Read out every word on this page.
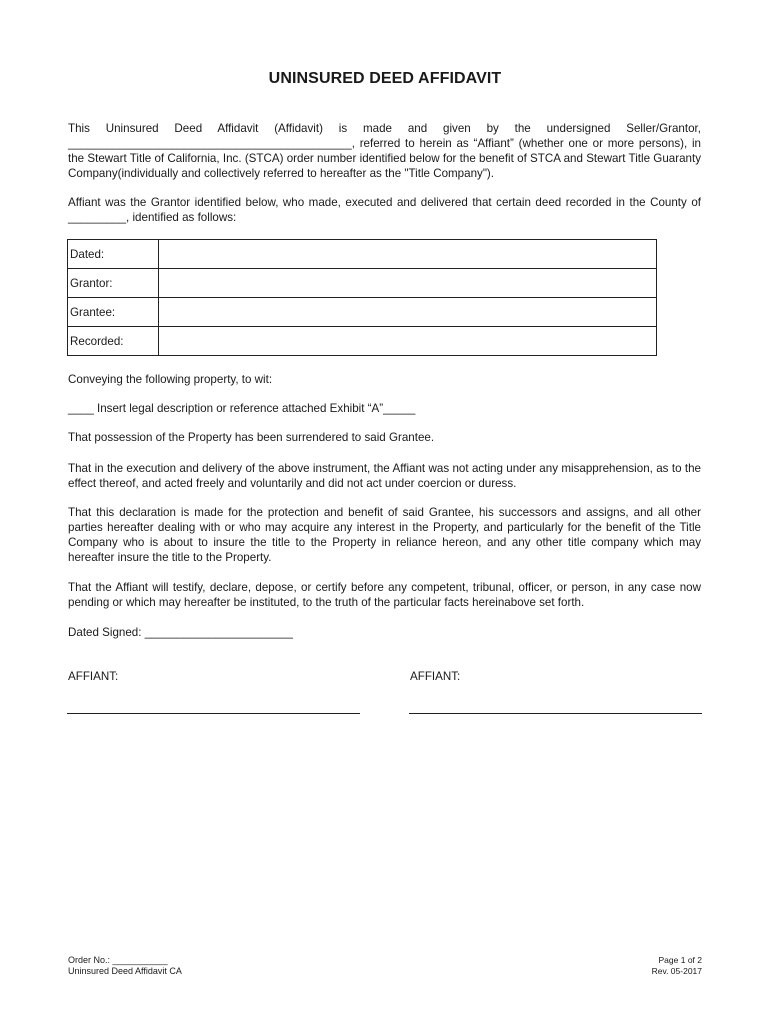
UNINSURED DEED AFFIDAVIT
This Uninsured Deed Affidavit (Affidavit) is made and given by the undersigned Seller/Grantor, ____________________________________________, referred to herein as “Affiant” (whether one or more persons), in the Stewart Title of California, Inc. (STCA) order number identified below for the benefit of STCA and Stewart Title Guaranty Company(individually and collectively referred to hereafter as the "Title Company").
Affiant was the Grantor identified below, who made, executed and delivered that certain deed recorded in the County of _________, identified as follows:
Dated:	
Grantor:	
Grantee:	
Recorded:	
Conveying the following property, to wit:
____ Insert legal description or reference attached Exhibit “A”_____
That possession of the Property has been surrendered to said Grantee.
That in the execution and delivery of the above instrument, the Affiant was not acting under any misapprehension, as to the effect thereof, and acted freely and voluntarily and did not act under coercion or duress.
That this declaration is made for the protection and benefit of said Grantee, his successors and assigns, and all other parties hereafter dealing with or who may acquire any interest in the Property, and particularly for the benefit of the Title Company who is about to insure the title to the Property in reliance hereon, and any other title company which may hereafter insure the title to the Property.
That the Affiant will testify, declare, depose, or certify before any competent, tribunal, officer, or person, in any case now pending or which may hereafter be instituted, to the truth of the particular facts hereinabove set forth.
Dated Signed: _______________________
AFFIANT:	AFFIANT:
Order No.: ___________
Uninsured Deed Affidavit CA
Page 1 of 2
Rev. 05-2017
